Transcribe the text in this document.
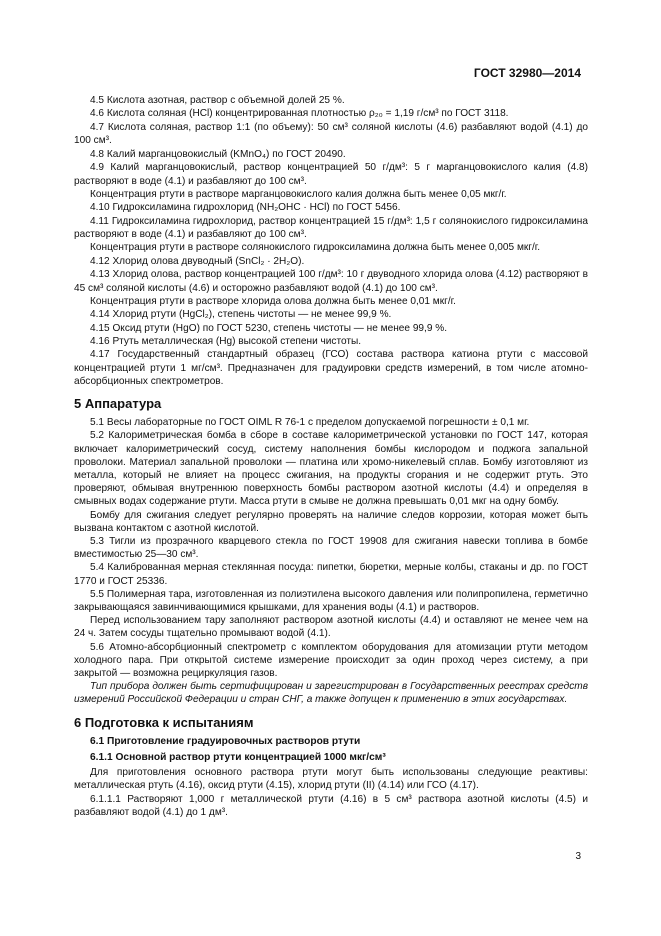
ГОСТ 32980—2014

4.5 Кислота азотная, раствор с объемной долей 25 %.

4.6 Кислота соляная (HCl) концентрированная плотностью ρ₂₀ = 1,19 г/см³ по ГОСТ 3118.

4.7 Кислота соляная, раствор 1:1 (по объему): 50 см³ соляной кислоты (4.6) разбавляют водой (4.1) до 100 см³.

4.8 Калий марганцовокислый (KMnO₄) по ГОСТ 20490.

4.9 Калий марганцовокислый, раствор концентрацией 50 г/дм³: 5 г марганцовокислого калия (4.8) растворяют в воде (4.1) и разбавляют до 100 см³.

Концентрация ртути в растворе марганцовокислого калия должна быть менее 0,05 мкг/г.

4.10 Гидроксиламина гидрохлорид (NH₂OHC · HCl) по ГОСТ 5456.

4.11 Гидроксиламина гидрохлорид, раствор концентрацией 15 г/дм³: 1,5 г солянокислого гидроксиламина растворяют в воде (4.1) и разбавляют до 100 см³.

Концентрация ртути в растворе солянокислого гидроксиламина должна быть менее 0,005 мкг/г.

4.12 Хлорид олова двуводный (SnCl₂ · 2H₂O).

4.13 Хлорид олова, раствор концентрацией 100 г/дм³: 10 г двуводного хлорида олова (4.12) растворяют в 45 см³ соляной кислоты (4.6) и осторожно разбавляют водой (4.1) до 100 см³.

Концентрация ртути в растворе хлорида олова должна быть менее 0,01 мкг/г.

4.14 Хлорид ртути (HgCl₂), степень чистоты — не менее 99,9 %.

4.15 Оксид ртути (HgO) по ГОСТ 5230, степень чистоты — не менее 99,9 %.

4.16 Ртуть металлическая (Hg) высокой степени чистоты.

4.17 Государственный стандартный образец (ГСО) состава раствора катиона ртути с массовой концентрацией ртути 1 мг/см³. Предназначен для градуировки средств измерений, в том числе атомно-абсорбционных спектрометров.

5 Аппаратура

5.1 Весы лабораторные по ГОСТ OIML R 76-1 с пределом допускаемой погрешности ± 0,1 мг.

5.2 Калориметрическая бомба в сборе в составе калориметрической установки по ГОСТ 147, которая включает калориметрический сосуд, систему наполнения бомбы кислородом и поджога запальной проволоки. Материал запальной проволоки — платина или хромо-никелевый сплав. Бомбу изготовляют из металла, который не влияет на процесс сжигания, на продукты сгорания и не содержит ртуть. Это проверяют, обмывая внутреннюю поверхность бомбы раствором азотной кислоты (4.4) и определяя в смывных водах содержание ртути. Масса ртути в смыве не должна превышать 0,01 мкг на одну бомбу.

Бомбу для сжигания следует регулярно проверять на наличие следов коррозии, которая может быть вызвана контактом с азотной кислотой.

5.3 Тигли из прозрачного кварцевого стекла по ГОСТ 19908 для сжигания навески топлива в бомбе вместимостью 25—30 см³.

5.4 Калиброванная мерная стеклянная посуда: пипетки, бюретки, мерные колбы, стаканы и др. по ГОСТ 1770 и ГОСТ 25336.

5.5 Полимерная тара, изготовленная из полиэтилена высокого давления или полипропилена, герметично закрывающаяся завинчивающимися крышками, для хранения воды (4.1) и растворов.

Перед использованием тару заполняют раствором азотной кислоты (4.4) и оставляют не менее чем на 24 ч. Затем сосуды тщательно промывают водой (4.1).

5.6 Атомно-абсорбционный спектрометр с комплектом оборудования для атомизации ртути методом холодного пара. При открытой системе измерение происходит за один проход через систему, а при закрытой — возможна рециркуляция газов.

Тип прибора должен быть сертифицирован и зарегистрирован в Государственных реестрах средств измерений Российской Федерации и стран СНГ, а также допущен к применению в этих государствах.

6 Подготовка к испытаниям
6.1 Приготовление градуировочных растворов ртути
6.1.1 Основной раствор ртути концентрацией 1000 мкг/см³

Для приготовления основного раствора ртути могут быть использованы следующие реактивы: металлическая ртуть (4.16), оксид ртути (4.15), хлорид ртути (II) (4.14) или ГСО (4.17).

6.1.1.1 Растворяют 1,000 г металлической ртути (4.16) в 5 см³ раствора азотной кислоты (4.5) и разбавляют водой (4.1) до 1 дм³.

3
